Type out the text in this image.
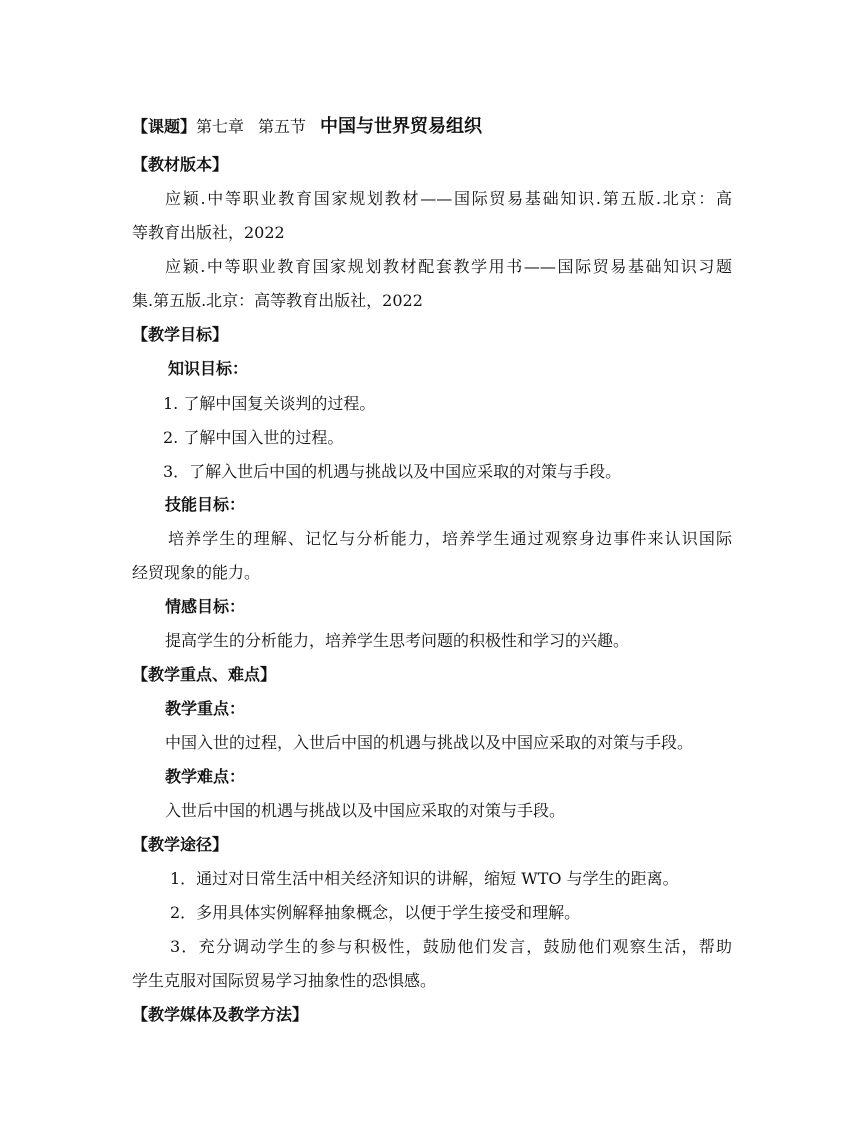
【课题】第七章 第五节 中国与世界贸易组织
【教材版本】
应颖.中等职业教育国家规划教材——国际贸易基础知识.第五版.北京：高
等教育出版社，2022
应颖.中等职业教育国家规划教材配套教学用书——国际贸易基础知识习题
集.第五版.北京：高等教育出版社，2022
【教学目标】
知识目标：
1. 了解中国复关谈判的过程。
2. 了解中国入世的过程。
3．了解入世后中国的机遇与挑战以及中国应采取的对策与手段。
技能目标：
培养学生的理解、记忆与分析能力，培养学生通过观察身边事件来认识国际
经贸现象的能力。
情感目标：
提高学生的分析能力，培养学生思考问题的积极性和学习的兴趣。
【教学重点、难点】
教学重点：
中国入世的过程，入世后中国的机遇与挑战以及中国应采取的对策与手段。
教学难点：
入世后中国的机遇与挑战以及中国应采取的对策与手段。
【教学途径】
1．通过对日常生活中相关经济知识的讲解，缩短 WTO 与学生的距离。
2．多用具体实例解释抽象概念，以便于学生接受和理解。
3．充分调动学生的参与积极性，鼓励他们发言，鼓励他们观察生活，帮助
学生克服对国际贸易学习抽象性的恐惧感。
【教学媒体及教学方法】
